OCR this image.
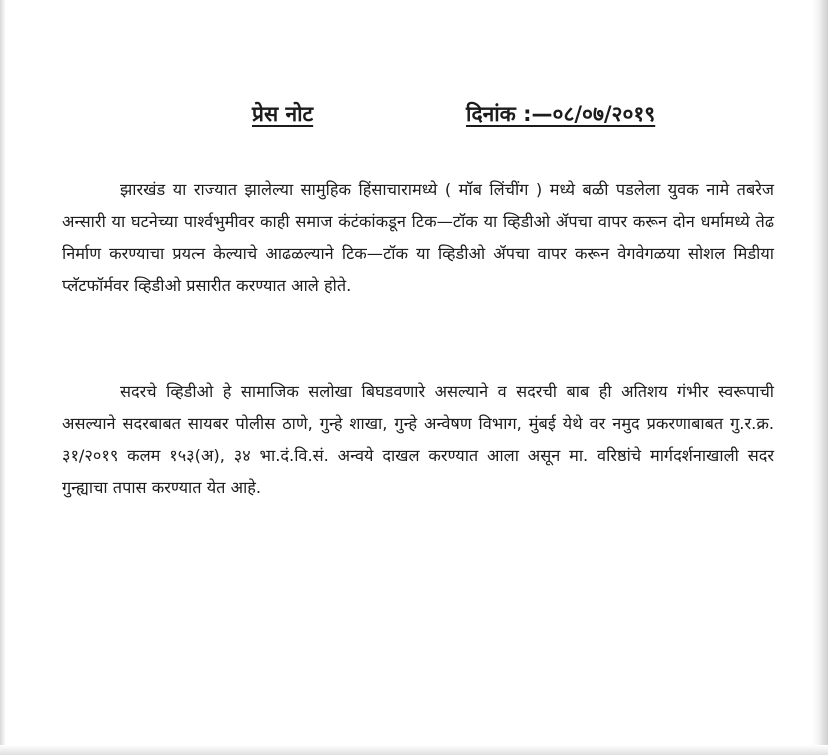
प्रेस नोट	दिनांक :—०८/०७/२०१९

झारखंड या राज्यात झालेल्या सामुहिक हिंसाचारामध्ये ( मॉब लिंचींग ) मध्ये बळी पडलेला युवक नामे तबरेज अन्सारी या घटनेच्या पार्श्वभुमीवर काही समाज कंटंकांकडून टिक—टॉक या व्हिडीओ ॲपचा वापर करून दोन धर्मामध्ये तेढ निर्माण करण्याचा प्रयत्न केल्याचे आढळल्याने टिक—टॉक या व्हिडीओ ॲपचा वापर करून वेगवेगळया सोशल मिडीया प्लॅटफॉर्मवर व्हिडीओ प्रसारीत करण्यात आले होते.

सदरचे व्हिडीओ हे सामाजिक सलोखा बिघडवणारे असल्याने व सदरची बाब ही अतिशय गंभीर स्वरूपाची असल्याने सदरबाबत सायबर पोलीस ठाणे, गुन्हे शाखा, गुन्हे अन्वेषण विभाग, मुंबई येथे वर नमुद प्रकरणाबाबत गु.र.क्र. ३१/२०१९ कलम १५३(अ), ३४ भा.दं.वि.सं. अन्वये दाखल करण्यात आला असून मा. वरिष्ठांचे मार्गदर्शनाखाली सदर गुन्ह्याचा तपास करण्यात येत आहे.
